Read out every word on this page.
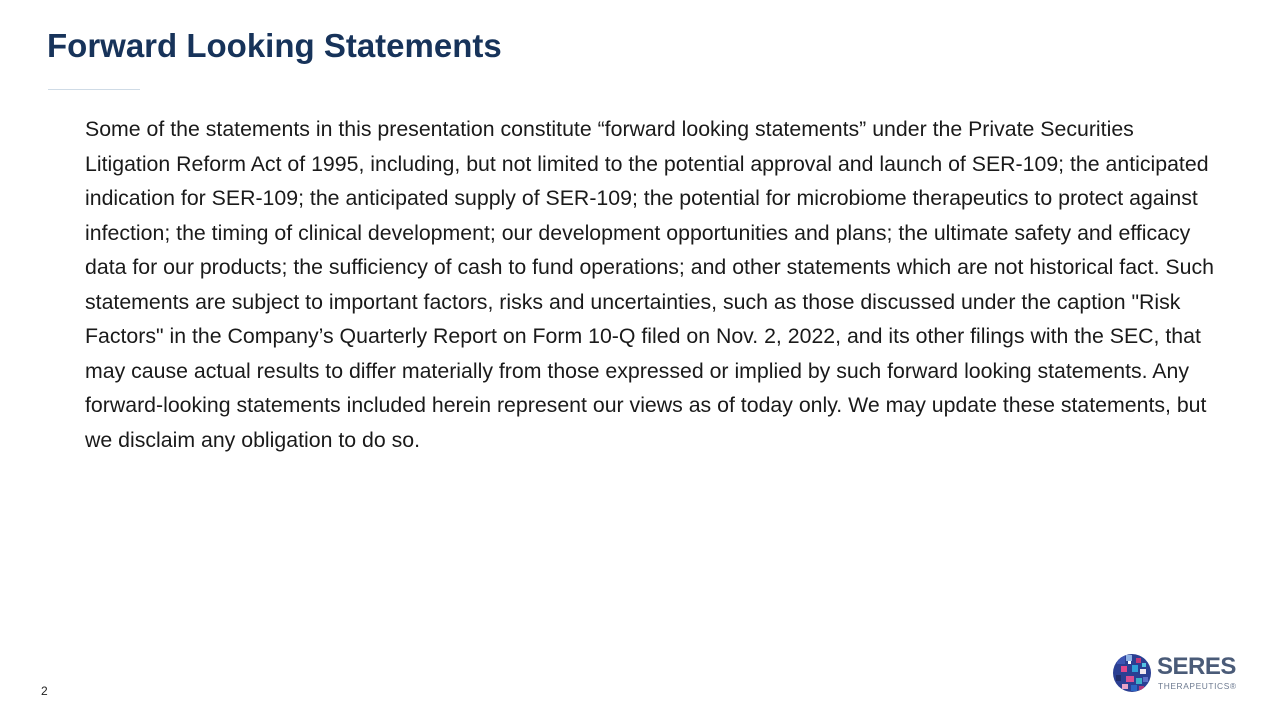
Forward Looking Statements

Some of the statements in this presentation constitute “forward looking statements” under the Private Securities Litigation Reform Act of 1995, including, but not limited to the potential approval and launch of SER-109; the anticipated indication for SER-109; the anticipated supply of SER-109; the potential for microbiome therapeutics to protect against infection; the timing of clinical development; our development opportunities and plans; the ultimate safety and efficacy data for our products; the sufficiency of cash to fund operations; and other statements which are not historical fact. Such statements are subject to important factors, risks and uncertainties, such as those discussed under the caption "Risk Factors" in the Company’s Quarterly Report on Form 10-Q filed on Nov. 2, 2022, and its other filings with the SEC, that may cause actual results to differ materially from those expressed or implied by such forward looking statements. Any forward-looking statements included herein represent our views as of today only. We may update these statements, but we disclaim any obligation to do so.

2
SERES
THERAPEUTICS®
